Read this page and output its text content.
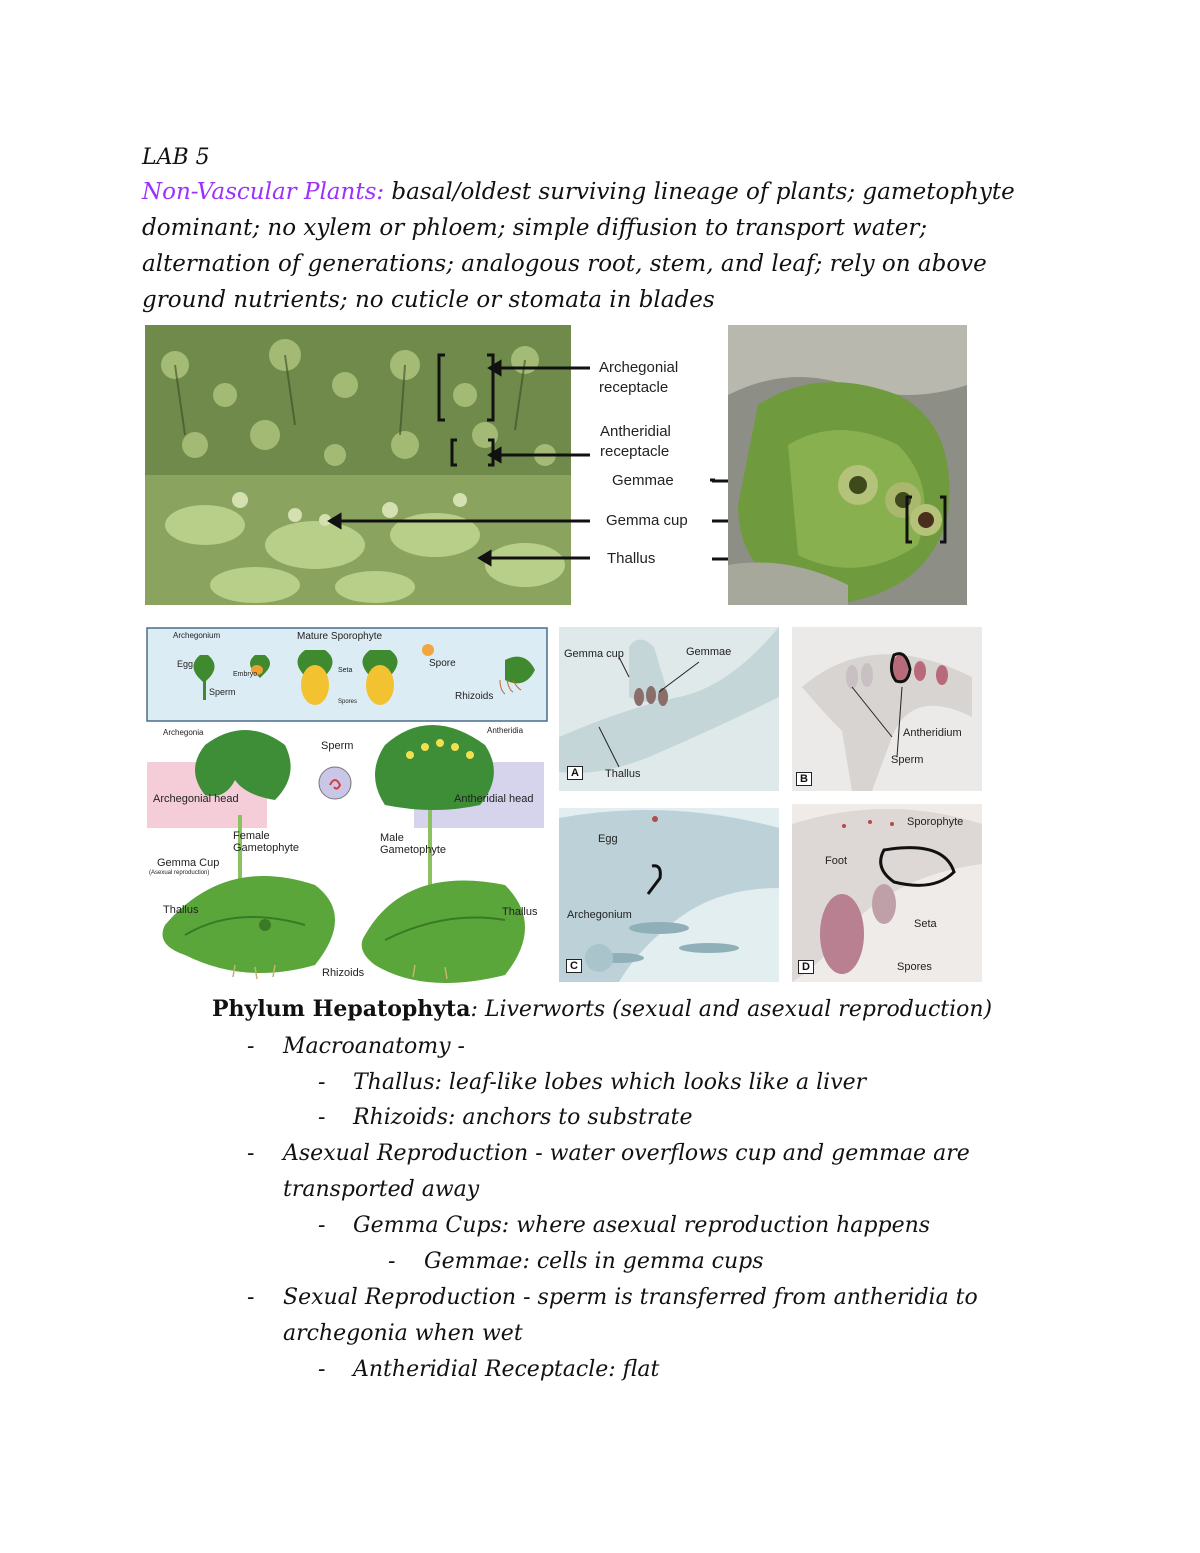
LAB 5
Non-Vascular Plants: basal/oldest surviving lineage of plants; gametophyte dominant; no xylem or phloem; simple diffusion to transport water; alternation of generations; analogous root, stem, and leaf; rely on above ground nutrients; no cuticle or stomata in blades
Archegonial receptacle
Antheridial receptacle
Gemmae
Gemma cup
Thallus
Archegonium	Mature Sporophyte
Egg
Embryo
Seta
Spore
Sperm
Spores	Rhizoids
Archegonia	Antheridia
Sperm
Archegonial head	Antheridial head
Female Gametophyte
Male Gametophyte
Gemma Cup
(Asexual reproduction)
Thallus	Thallus
Rhizoids
Gemma cup	Gemmae
Thallus
A
Antheridium
Sperm
B
Egg
Archegonium
C
Sporophyte
Foot
Seta
Spores
D
Phylum Hepatophyta: Liverworts (sexual and asexual reproduction)
- Macroanatomy -
- Thallus: leaf-like lobes which looks like a liver
- Rhizoids: anchors to substrate
- Asexual Reproduction - water overflows cup and gemmae are
transported away
- Gemma Cups: where asexual reproduction happens
- Gemmae: cells in gemma cups
- Sexual Reproduction - sperm is transferred from antheridia to
archegonia when wet
- Antheridial Receptacle: flat
